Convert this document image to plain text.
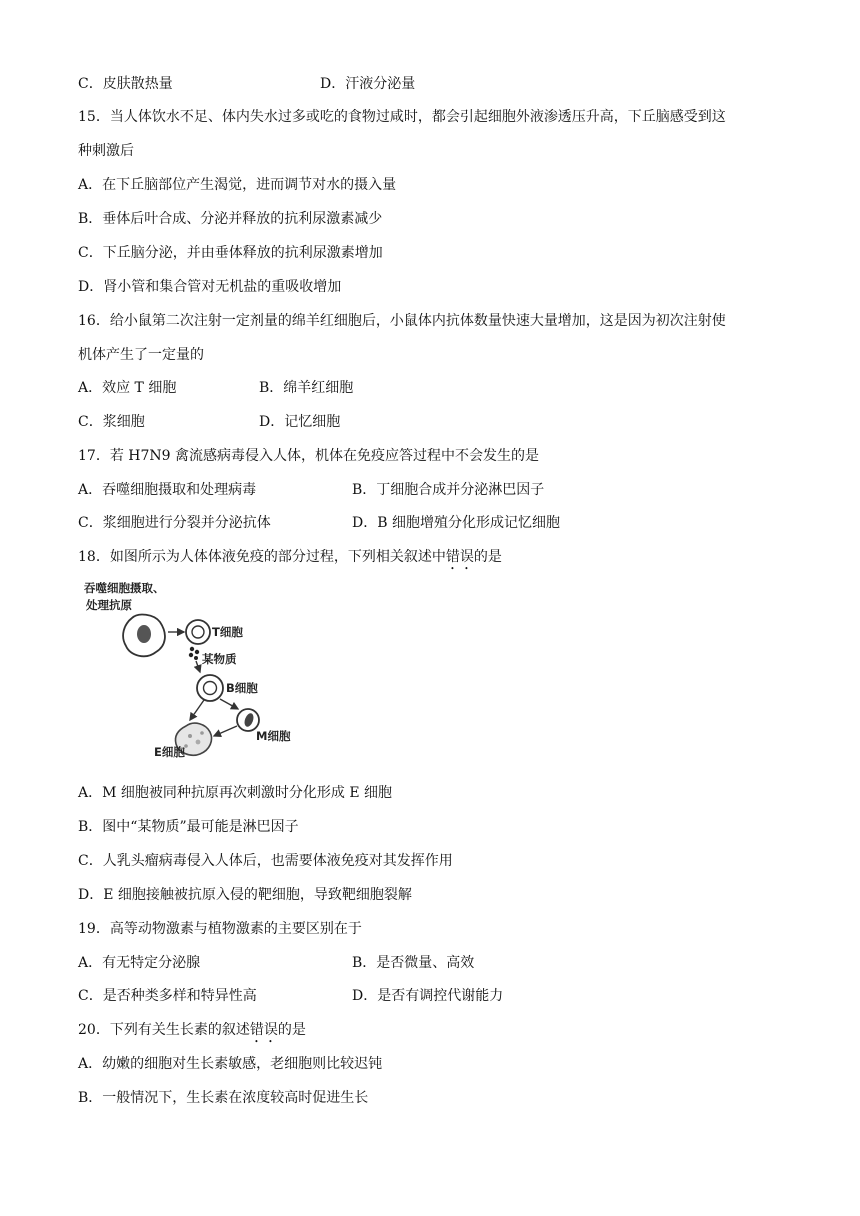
C．皮肤散热量	D．汗液分泌量
15．当人体饮水不足、体内失水过多或吃的食物过咸时，都会引起细胞外液渗透压升高，下丘脑感受到这
种刺激后
A．在下丘脑部位产生渴觉，进而调节对水的摄入量
B．垂体后叶合成、分泌并释放的抗利尿激素减少
C．下丘脑分泌，并由垂体释放的抗利尿激素增加
D．肾小管和集合管对无机盐的重吸收增加
16．给小鼠第二次注射一定剂量的绵羊红细胞后，小鼠体内抗体数量快速大量增加，这是因为初次注射使
机体产生了一定量的
A．效应 T 细胞	B．绵羊红细胞
C．浆细胞	D．记忆细胞
17．若 H7N9 禽流感病毒侵入人体，机体在免疫应答过程中不会发生的是
A．吞噬细胞摄取和处理病毒	B．丁细胞合成并分泌淋巴因子
C．浆细胞进行分裂并分泌抗体	D．B 细胞增殖分化形成记忆细胞
18．如图所示为人体体液免疫的部分过程，下列相关叙述中错误的是
吞噬细胞摄取、
处理抗原
T细胞
某物质
B细胞
M细胞
E细胞
A．M 细胞被同种抗原再次刺激时分化形成 E 细胞
B．图中“某物质”最可能是淋巴因子
C．人乳头瘤病毒侵入人体后，也需要体液免疫对其发挥作用
D．E 细胞接触被抗原入侵的靶细胞，导致靶细胞裂解
19．高等动物激素与植物激素的主要区别在于
A．有无特定分泌腺	B．是否微量、高效
C．是否种类多样和特异性高	D．是否有调控代谢能力
20．下列有关生长素的叙述错误的是
A．幼嫩的细胞对生长素敏感，老细胞则比较迟钝
B．一般情况下，生长素在浓度较高时促进生长
